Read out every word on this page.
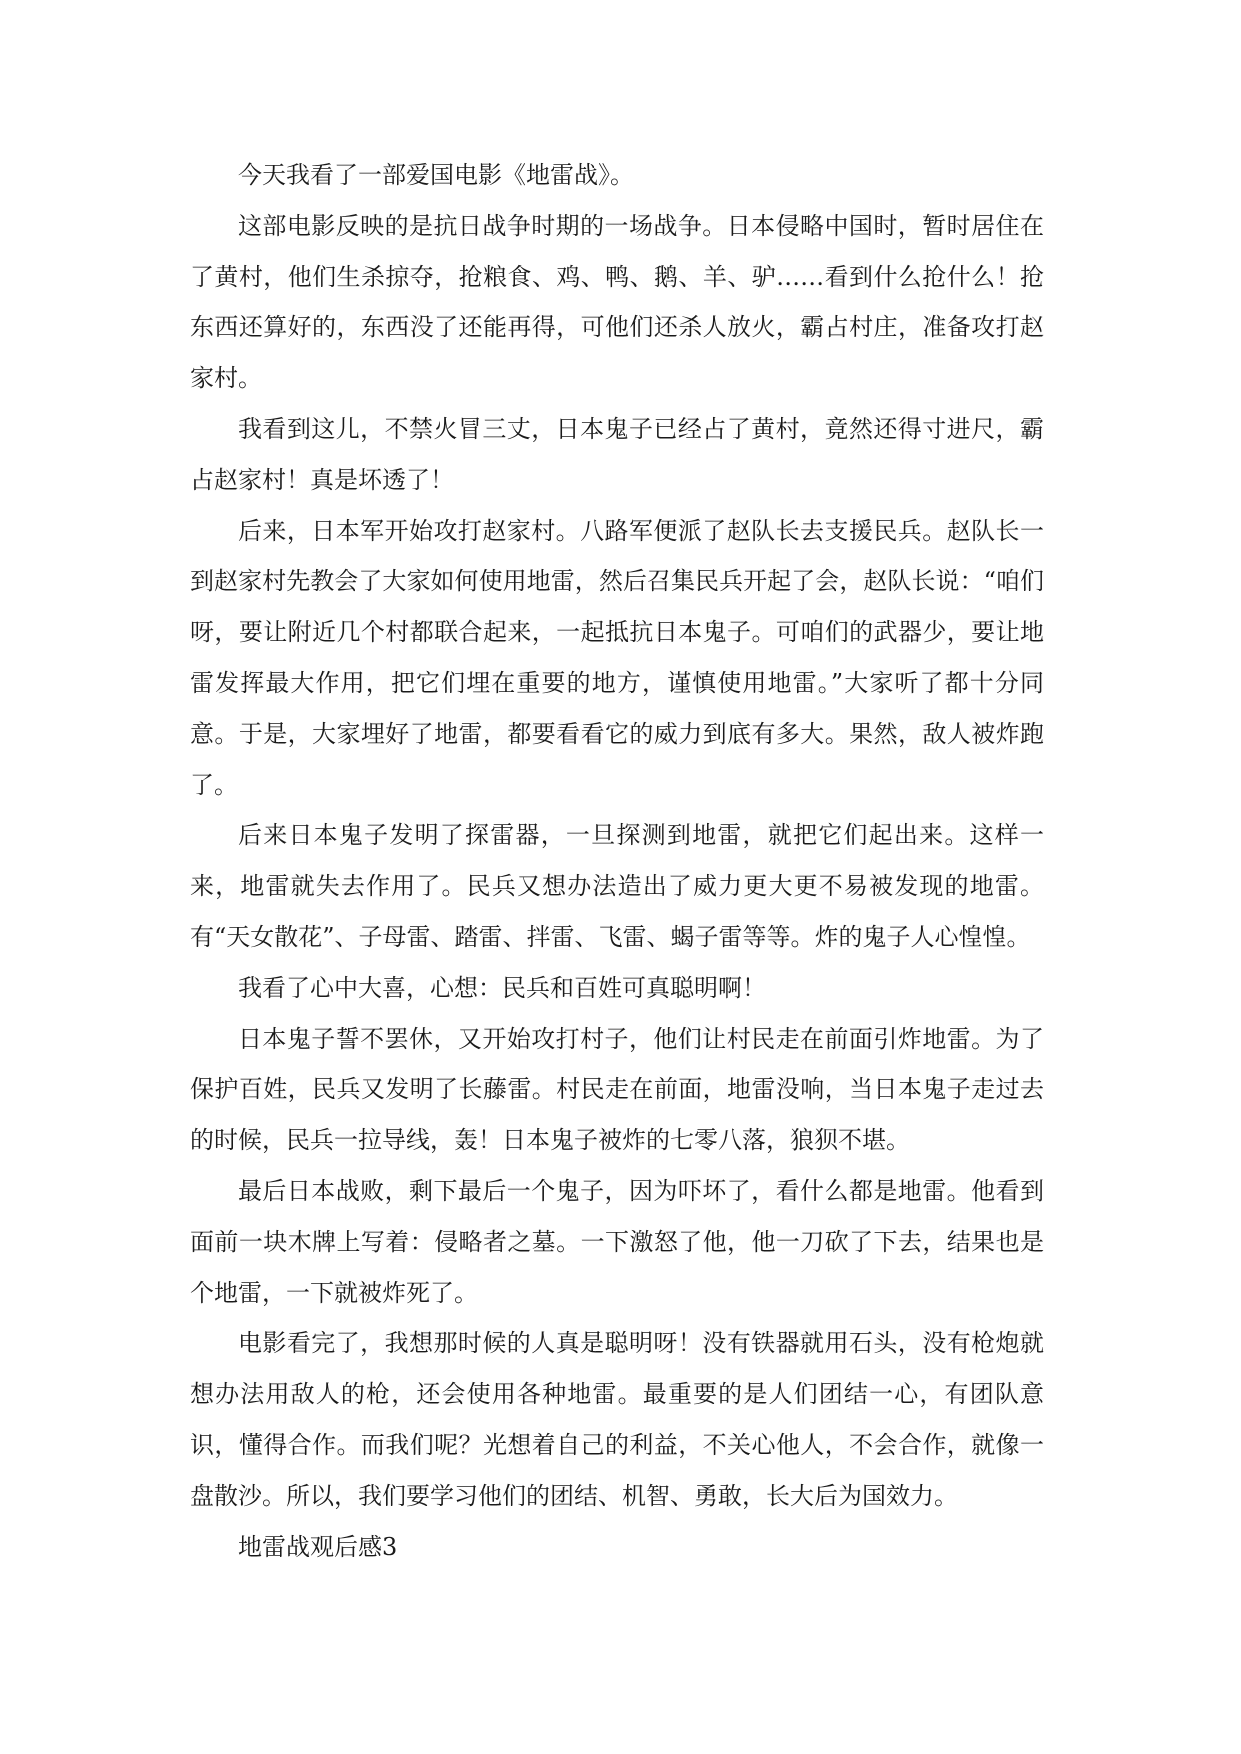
今天我看了一部爱国电影《地雷战》。

这部电影反映的是抗日战争时期的一场战争。日本侵略中国时，暂时居住在了黄村，他们生杀掠夺，抢粮食、鸡、鸭、鹅、羊、驴……看到什么抢什么！抢东西还算好的，东西没了还能再得，可他们还杀人放火，霸占村庄，准备攻打赵家村。

我看到这儿，不禁火冒三丈，日本鬼子已经占了黄村，竟然还得寸进尺，霸占赵家村！真是坏透了！

后来，日本军开始攻打赵家村。八路军便派了赵队长去支援民兵。赵队长一到赵家村先教会了大家如何使用地雷，然后召集民兵开起了会，赵队长说：“咱们呀，要让附近几个村都联合起来，一起抵抗日本鬼子。可咱们的武器少，要让地雷发挥最大作用，把它们埋在重要的地方，谨慎使用地雷。”大家听了都十分同意。于是，大家埋好了地雷，都要看看它的威力到底有多大。果然，敌人被炸跑了。

后来日本鬼子发明了探雷器，一旦探测到地雷，就把它们起出来。这样一来，地雷就失去作用了。民兵又想办法造出了威力更大更不易被发现的地雷。有“天女散花”、子母雷、踏雷、拌雷、飞雷、蝎子雷等等。炸的鬼子人心惶惶。

我看了心中大喜，心想：民兵和百姓可真聪明啊！

日本鬼子誓不罢休，又开始攻打村子，他们让村民走在前面引炸地雷。为了保护百姓，民兵又发明了长藤雷。村民走在前面，地雷没响，当日本鬼子走过去的时候，民兵一拉导线，轰！日本鬼子被炸的七零八落，狼狈不堪。

最后日本战败，剩下最后一个鬼子，因为吓坏了，看什么都是地雷。他看到面前一块木牌上写着：侵略者之墓。一下激怒了他，他一刀砍了下去，结果也是个地雷，一下就被炸死了。

电影看完了，我想那时候的人真是聪明呀！没有铁器就用石头，没有枪炮就想办法用敌人的枪，还会使用各种地雷。最重要的是人们团结一心，有团队意识，懂得合作。而我们呢？光想着自己的利益，不关心他人，不会合作，就像一盘散沙。所以，我们要学习他们的团结、机智、勇敢，长大后为国效力。

地雷战观后感3
